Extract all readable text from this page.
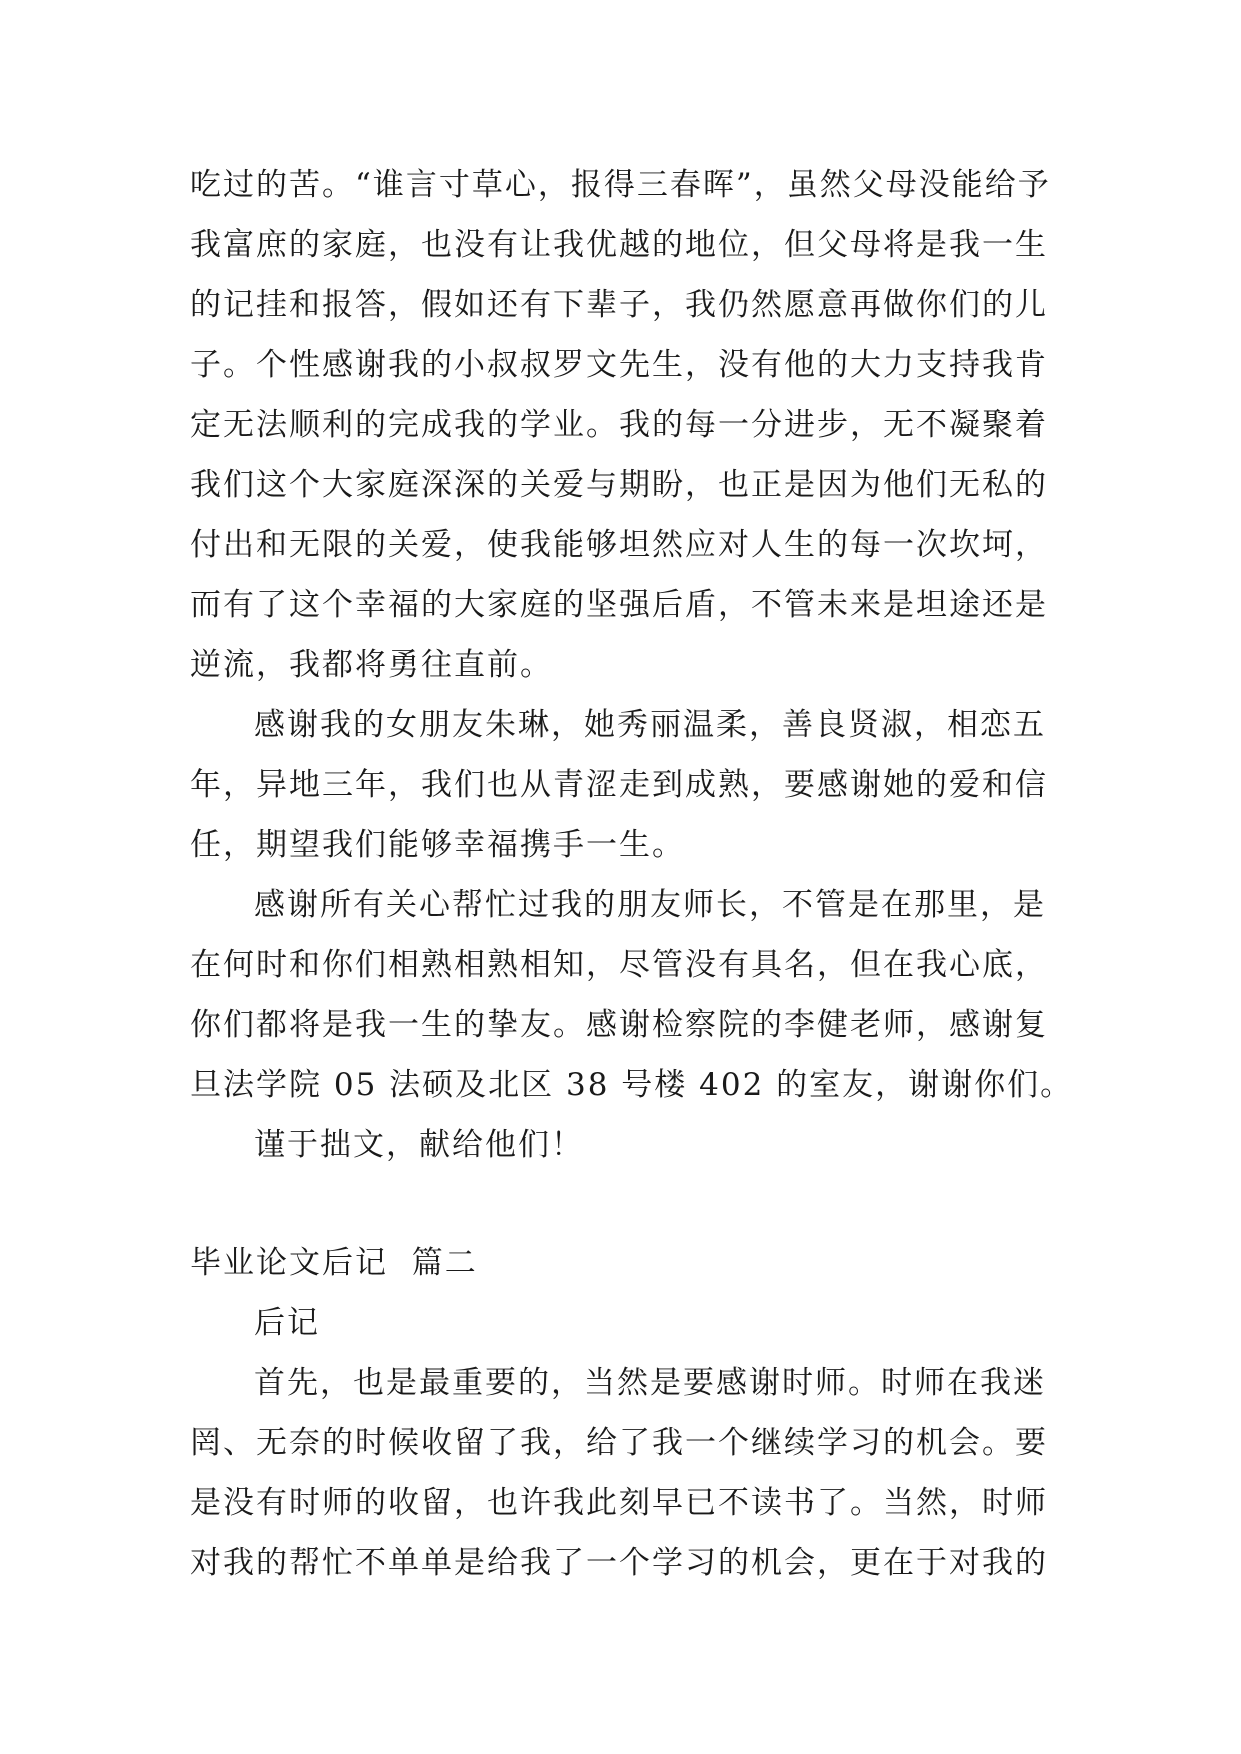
吃过的苦。“谁言寸草心，报得三春晖”，虽然父母没能给予
我富庶的家庭，也没有让我优越的地位，但父母将是我一生
的记挂和报答，假如还有下辈子，我仍然愿意再做你们的儿
子。个性感谢我的小叔叔罗文先生，没有他的大力支持我肯
定无法顺利的完成我的学业。我的每一分进步，无不凝聚着
我们这个大家庭深深的关爱与期盼，也正是因为他们无私的
付出和无限的关爱，使我能够坦然应对人生的每一次坎坷，
而有了这个幸福的大家庭的坚强后盾，不管未来是坦途还是
逆流，我都将勇往直前。
感谢我的女朋友朱琳，她秀丽温柔，善良贤淑，相恋五
年，异地三年，我们也从青涩走到成熟，要感谢她的爱和信
任，期望我们能够幸福携手一生。
感谢所有关心帮忙过我的朋友师长，不管是在那里，是
在何时和你们相熟相熟相知，尽管没有具名，但在我心底，
你们都将是我一生的挚友。感谢检察院的李健老师，感谢复
旦法学院 05 法硕及北区 38 号楼 402 的室友，谢谢你们。
谨于拙文，献给他们！
毕业论文后记  篇二
后记
首先，也是最重要的，当然是要感谢时师。时师在我迷
罔、无奈的时候收留了我，给了我一个继续学习的机会。要
是没有时师的收留，也许我此刻早已不读书了。当然，时师
对我的帮忙不单单是给我了一个学习的机会，更在于对我的
